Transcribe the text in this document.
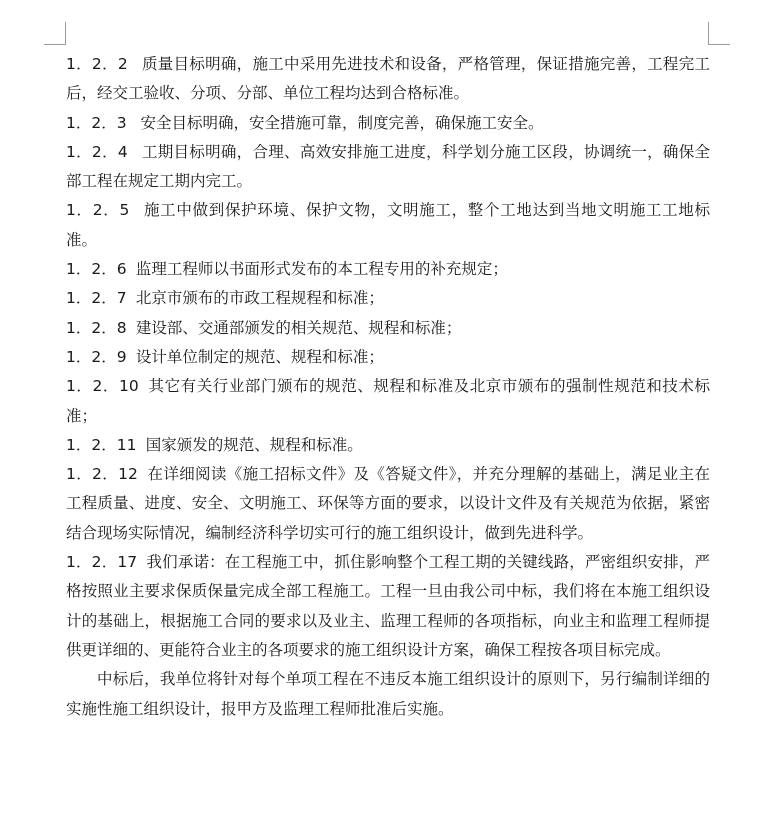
1．2．2 质量目标明确，施工中采用先进技术和设备，严格管理，保证措施完善，工程完工后，经交工验收、分项、分部、单位工程均达到合格标准。

1．2．3 安全目标明确，安全措施可靠，制度完善，确保施工安全。

1．2．4 工期目标明确，合理、高效安排施工进度，科学划分施工区段，协调统一，确保全部工程在规定工期内完工。

1．2．5 施工中做到保护环境、保护文物，文明施工，整个工地达到当地文明施工工地标准。

1．2．6 监理工程师以书面形式发布的本工程专用的补充规定；

1．2．7 北京市颁布的市政工程规程和标准；

1．2．8 建设部、交通部颁发的相关规范、规程和标准；

1．2．9 设计单位制定的规范、规程和标准；

1．2．10 其它有关行业部门颁布的规范、规程和标准及北京市颁布的强制性规范和技术标准；

1．2．11 国家颁发的规范、规程和标准。

1．2．12 在详细阅读《施工招标文件》及《答疑文件》，并充分理解的基础上，满足业主在工程质量、进度、安全、文明施工、环保等方面的要求，以设计文件及有关规范为依据，紧密结合现场实际情况，编制经济科学切实可行的施工组织设计，做到先进科学。

1．2．17 我们承诺：在工程施工中，抓住影响整个工程工期的关键线路，严密组织安排，严格按照业主要求保质保量完成全部工程施工。工程一旦由我公司中标，我们将在本施工组织设计的基础上，根据施工合同的要求以及业主、监理工程师的各项指标，向业主和监理工程师提供更详细的、更能符合业主的各项要求的施工组织设计方案，确保工程按各项目标完成。

中标后，我单位将针对每个单项工程在不违反本施工组织设计的原则下，另行编制详细的实施性施工组织设计，报甲方及监理工程师批准后实施。
